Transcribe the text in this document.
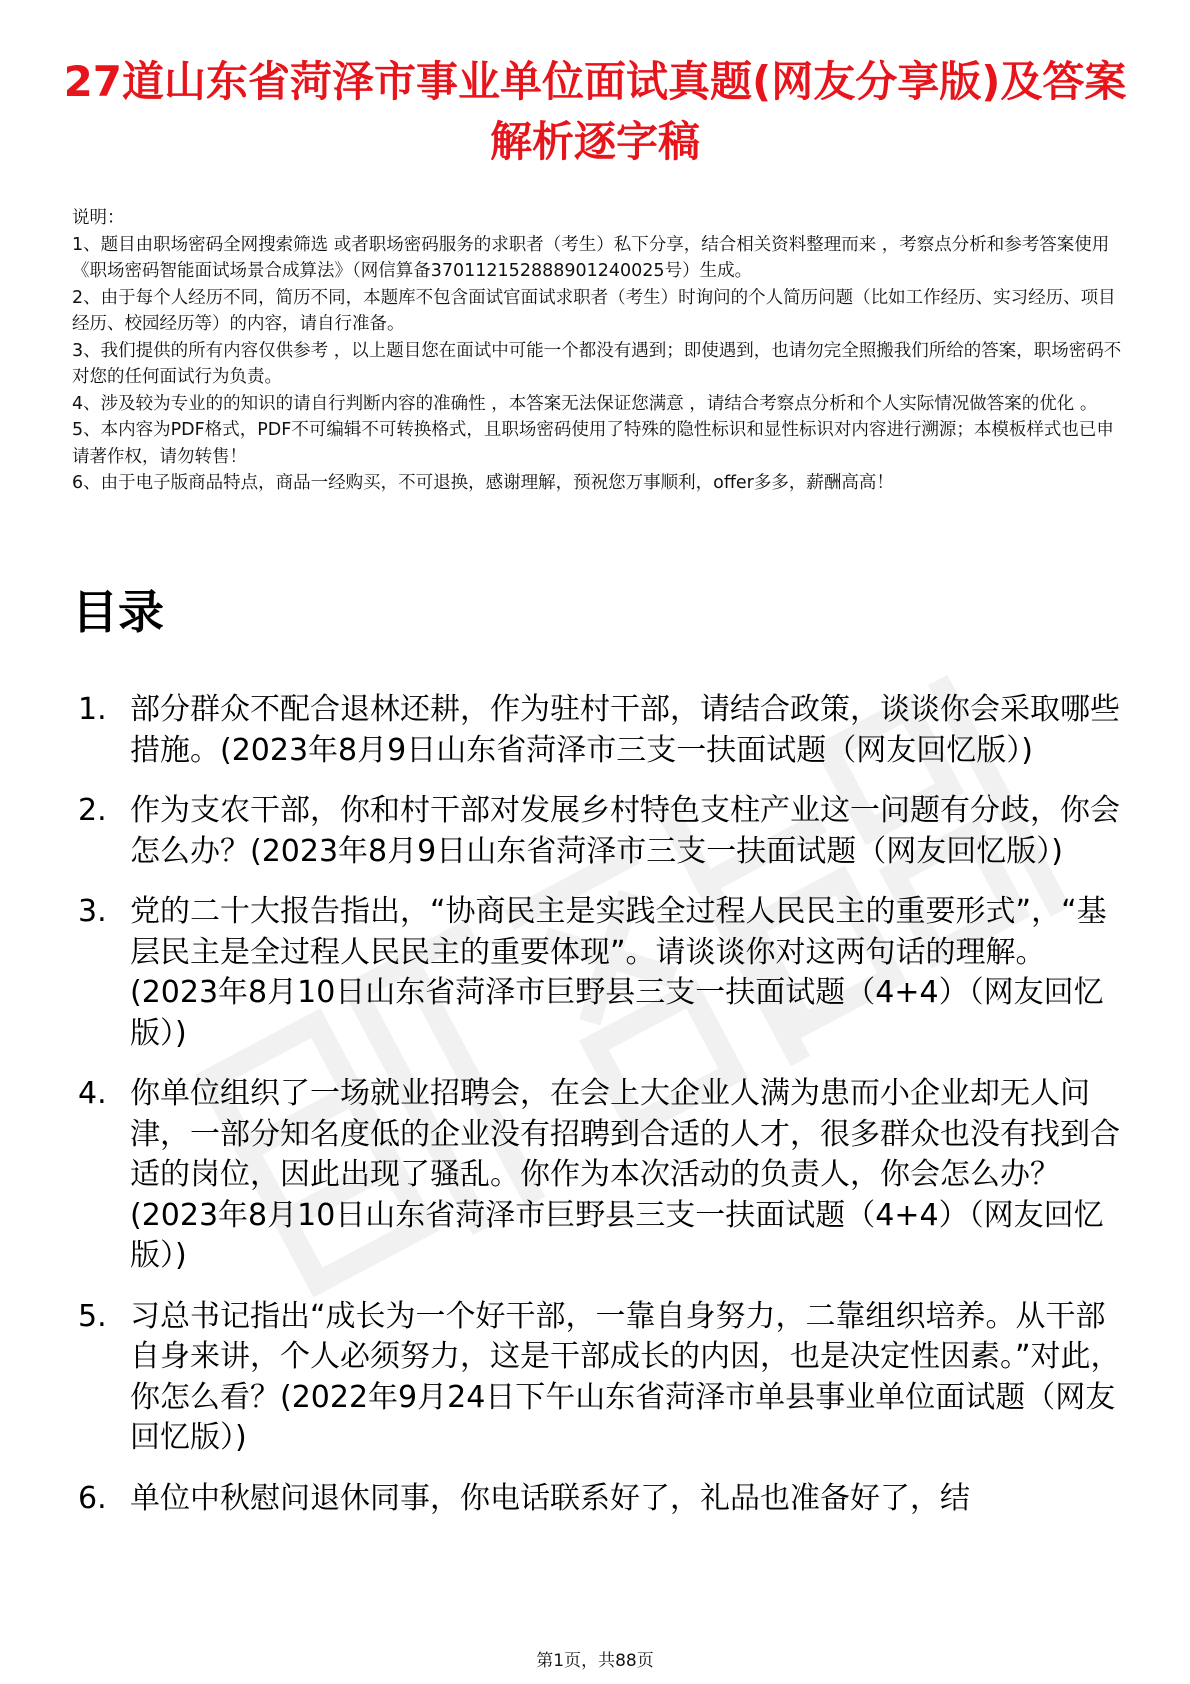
27道山东省菏泽市事业单位面试真题(网友分享版)及答案解析逐字稿

说明：

1、题目由职场密码全网搜索筛选 或者职场密码服务的求职者（考生）私下分享，结合相关资料整理而来 ，考察点分析和参考答案使用《职场密码智能面试场景合成算法》（网信算备370112152888901240025号）生成。

2、由于每个人经历不同，简历不同，本题库不包含面试官面试求职者（考生）时询问的个人简历问题（比如工作经历、实习经历、项目经历、校园经历等）的内容，请自行准备。

3、我们提供的所有内容仅供参考 ，以上题目您在面试中可能一个都没有遇到；即使遇到，也请勿完全照搬我们所给的答案，职场密码不对您的任何面试行为负责。

4、涉及较为专业的的知识的请自行判断内容的准确性 ，本答案无法保证您满意 ，请结合考察点分析和个人实际情况做答案的优化 。

5、本内容为PDF格式，PDF不可编辑不可转换格式，且职场密码使用了特殊的隐性标识和显性标识对内容进行溯源；本模板样式也已申请著作权，请勿转售！

6、由于电子版商品特点，商品一经购买，不可退换，感谢理解，预祝您万事顺利，offer多多，薪酬高高！

目录
1. 部分群众不配合退林还耕，作为驻村干部，请结合政策，谈谈你会采取哪些措施。(2023年8月9日山东省菏泽市三支一扶面试题（网友回忆版）)
2. 作为支农干部，你和村干部对发展乡村特色支柱产业这一问题有分歧，你会怎么办？(2023年8月9日山东省菏泽市三支一扶面试题（网友回忆版）)
3. 党的二十大报告指出，“协商民主是实践全过程人民民主的重要形式”，“基层民主是全过程人民民主的重要体现”。请谈谈你对这两句话的理解。(2023年8月10日山东省菏泽市巨野县三支一扶面试题（4+4）（网友回忆版）)
4. 你单位组织了一场就业招聘会，在会上大企业人满为患而小企业却无人问津，一部分知名度低的企业没有招聘到合适的人才，很多群众也没有找到合适的岗位，因此出现了骚乱。你作为本次活动的负责人，你会怎么办？(2023年8月10日山东省菏泽市巨野县三支一扶面试题（4+4）（网友回忆版）)
5. 习总书记指出“成长为一个好干部，一靠自身努力，二靠组织培养。从干部自身来讲，个人必须努力，这是干部成长的内因，也是决定性因素。”对此，你怎么看？(2022年9月24日下午山东省菏泽市单县事业单位面试题（网友回忆版）)
6. 单位中秋慰问退休同事，你电话联系好了，礼品也准备好了，结
第1页，共88页
